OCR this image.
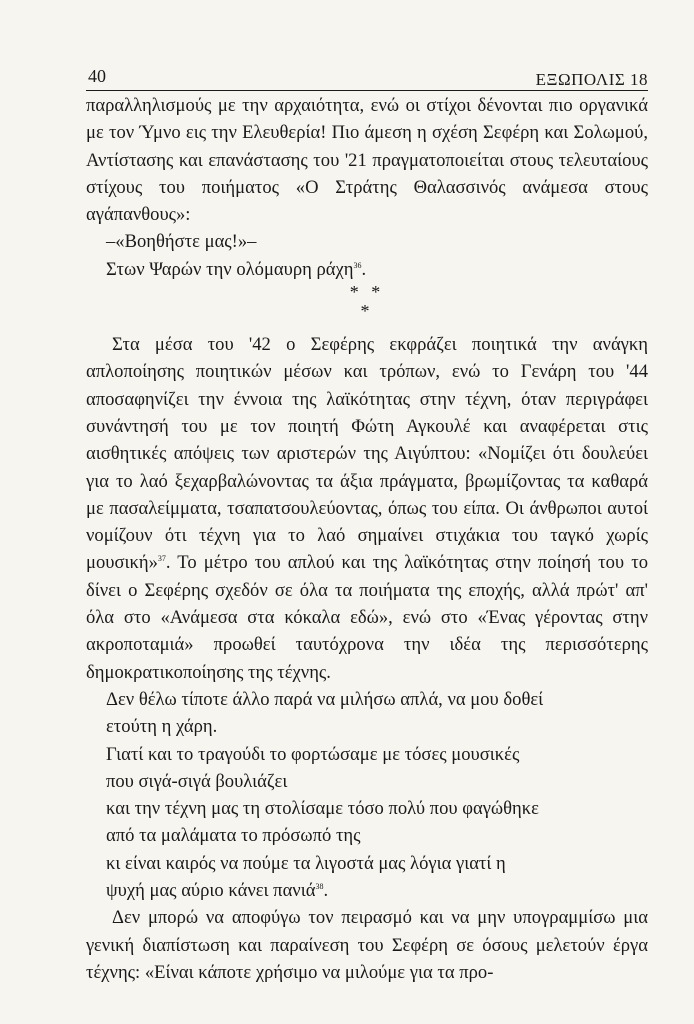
40	ΕΞΩΠΟΛΙΣ 18

παραλληλισμούς με την αρχαιότητα, ενώ οι στίχοι δένονται πιο οργανικά με τον Ύμνο εις την Ελευθερία! Πιο άμεση η σχέση Σεφέρη και Σολωμού, Αντίστασης και επανάστασης του '21 πραγματοποιείται στους τελευταίους στίχους του ποιήματος «Ο Στράτης Θαλασσινός ανάμεσα στους αγάπανθους»:

–«Βοηθήστε μας!»–

Στων Ψαρών την ολόμαυρη ράχη$^{36}$.

* *

*

Στα μέσα του '42 ο Σεφέρης εκφράζει ποιητικά την ανάγκη απλοποίησης ποιητικών μέσων και τρόπων, ενώ το Γενάρη του '44 αποσαφηνίζει την έννοια της λαϊκότητας στην τέχνη, όταν περιγράφει συνάντησή του με τον ποιητή Φώτη Αγκουλέ και αναφέρεται στις αισθητικές απόψεις των αριστερών της Αιγύπτου: «Νομίζει ότι δουλεύει για το λαό ξεχαρβαλώνοντας τα άξια πράγματα, βρωμίζοντας τα καθαρά με πασαλείμματα, τσαπατσουλεύοντας, όπως του είπα. Οι άνθρωποι αυτοί νομίζουν ότι τέχνη για το λαό σημαίνει στιχάκια του ταγκό χωρίς μουσική»$^{37}$. Το μέτρο του απλού και της λαϊκότητας στην ποίησή του το δίνει ο Σεφέρης σχεδόν σε όλα τα ποιήματα της εποχής, αλλά πρώτ' απ' όλα στο «Ανάμεσα στα κόκαλα εδώ», ενώ στο «Ένας γέροντας στην ακροποταμιά» προωθεί ταυτόχρονα την ιδέα της περισσότερης δημοκρατικοποίησης της τέχνης.

Δεν θέλω τίποτε άλλο παρά να μιλήσω απλά, να μου δοθεί

ετούτη η χάρη.

Γιατί και το τραγούδι το φορτώσαμε με τόσες μουσικές

που σιγά-σιγά βουλιάζει

και την τέχνη μας τη στολίσαμε τόσο πολύ που φαγώθηκε

από τα μαλάματα το πρόσωπό της

κι είναι καιρός να πούμε τα λιγοστά μας λόγια γιατί η

ψυχή μας αύριο κάνει πανιά$^{38}$.

Δεν μπορώ να αποφύγω τον πειρασμό και να μην υπογραμμίσω μια γενική διαπίστωση και παραίνεση του Σεφέρη σε όσους μελετούν έργα τέχνης: «Είναι κάποτε χρήσιμο να μιλούμε για τα προ-
